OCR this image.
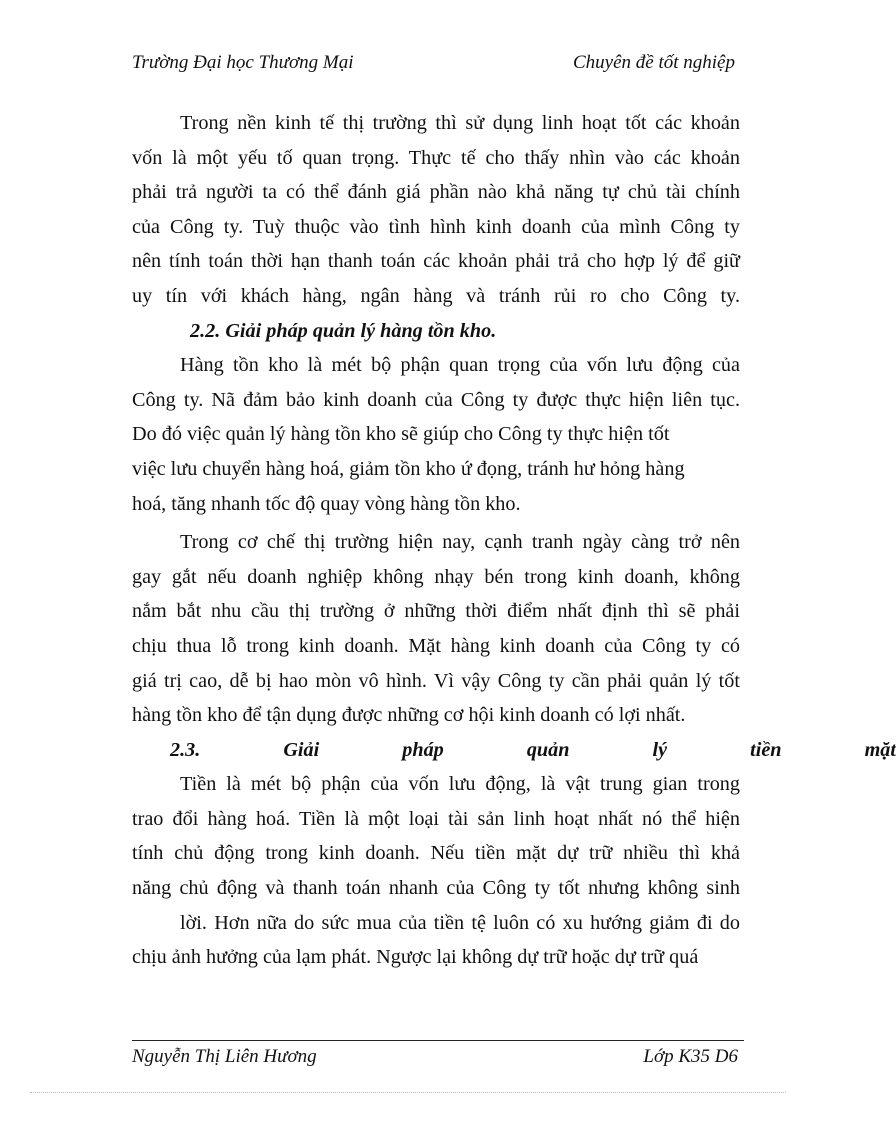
Trường Đại học Thương Mại	Chuyên đề tốt nghiệp
Trong nền kinh tế thị trường thì sử dụng linh hoạt tốt các khoản
vốn là một yếu tố quan trọng. Thực tế cho thấy nhìn vào các khoản
phải trả người ta có thể đánh giá phần nào khả năng tự chủ tài chính
của Công ty. Tuỳ thuộc vào tình hình kinh doanh của mình Công ty
nên tính toán thời hạn thanh toán các khoản phải trả cho hợp lý để giữ
uy tín với khách hàng, ngân hàng và tránh rủi ro cho Công ty.
2.2. Giải pháp quản lý hàng tồn kho.
Hàng tồn kho là mét bộ phận quan trọng của vốn lưu động của
Công ty. Nã đảm bảo kinh doanh của Công ty được thực hiện liên tục.
Do đó việc quản lý hàng tồn kho sẽ giúp cho Công ty thực hiện tốt
việc lưu chuyển hàng hoá, giảm tồn kho ứ đọng, tránh hư hỏng hàng
hoá, tăng nhanh tốc độ quay vòng hàng tồn kho.
Trong cơ chế thị trường hiện nay, cạnh tranh ngày càng trở nên
gay gắt nếu doanh nghiệp không nhạy bén trong kinh doanh, không
nắm bắt nhu cầu thị trường ở những thời điểm nhất định thì sẽ phải
chịu thua lỗ trong kinh doanh. Mặt hàng kinh doanh của Công ty có
giá trị cao, dễ bị hao mòn vô hình. Vì vậy Công ty cần phải quản lý tốt
hàng tồn kho để tận dụng được những cơ hội kinh doanh có lợi nhất.
2.3. Giải pháp quản lý tiền mặt
Tiền là mét bộ phận của vốn lưu động, là vật trung gian trong
trao đổi hàng hoá. Tiền là một loại tài sản linh hoạt nhất nó thể hiện
tính chủ động trong kinh doanh. Nếu tiền mặt dự trữ nhiều thì khả
năng chủ động và thanh toán nhanh của Công ty tốt nhưng không sinh
lời. Hơn nữa do sức mua của tiền tệ luôn có xu hướng giảm đi do
chịu ảnh hưởng của lạm phát. Ngược lại không dự trữ hoặc dự trữ quá
Nguyễn Thị Liên Hương	Lớp K35 D6
